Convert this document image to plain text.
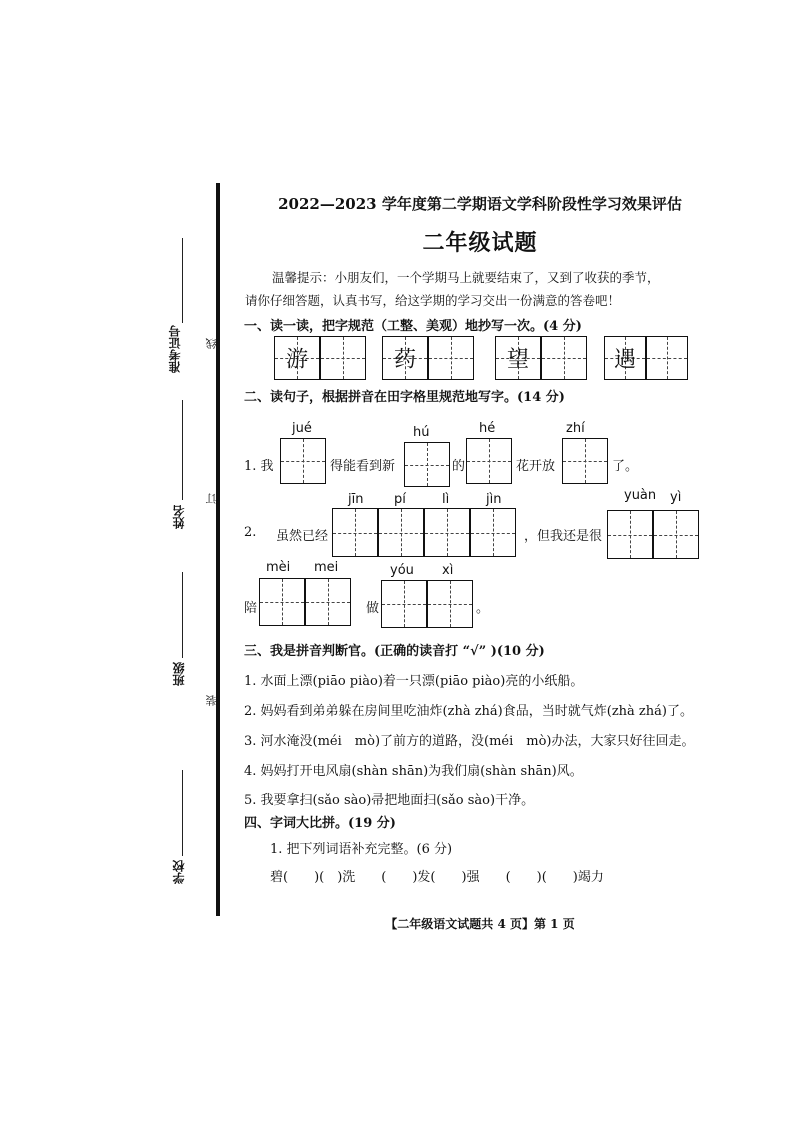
准考证号
姓名
班级
学校
线
订
装
2022—2023 学年度第二学期语文学科阶段性学习效果评估
二年级试题
温馨提示：小朋友们，一个学期马上就要结束了，又到了收获的季节，
请你仔细答题，认真书写，给这学期的学习交出一份满意的答卷吧！
一、读一读，把字规范（工整、美观）地抄写一次。(4 分)
游	药	望	遇
二、读句子，根据拼音在田字格里规范地写字。(14 分)
jué	hú	hé	zhí
1. 我	得能看到新	的	花开放	了。
jīn pí	lì	jìn	yuàn yì
2. 虽然已经	，但我还是很
mèi mei	yóu xì
陪	做	。
三、我是拼音判断官。(正确的读音打 “√” )(10 分)
1. 水面上漂(piāo piào)着一只漂(piāo piào)亮的小纸船。
2. 妈妈看到弟弟躲在房间里吃油炸(zhà zhá)食品，当时就气炸(zhà zhá)了。
3. 河水淹没(méi　mò)了前方的道路，没(méi　mò)办法，大家只好往回走。
4. 妈妈打开电风扇(shàn shān)为我们扇(shàn shān)风。
5. 我要拿扫(sǎo sào)帚把地面扫(sǎo sào)干净。
四、字词大比拼。(19 分)
1. 把下列词语补充完整。(6 分)
碧(　　)(　)洗　　(　　)发(　　)强　　(　　)(　　)竭力
【二年级语文试题共 4 页】第 1 页
